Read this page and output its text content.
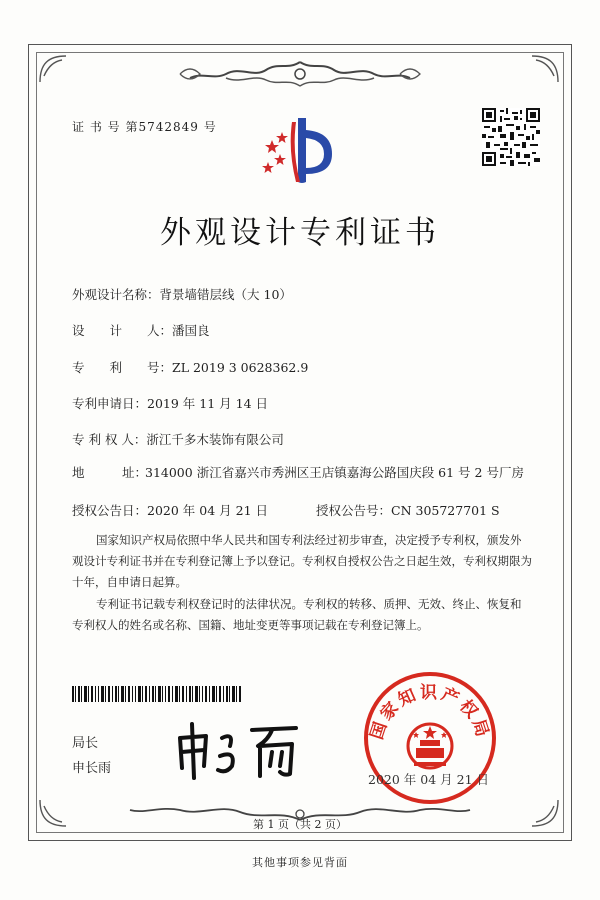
证 书 号 第5742849 号
外观设计专利证书
外观设计名称：背景墙错层线（大 10）
设　　计　　人：潘国良
专　　利　　号：ZL 2019 3 0628362.9
专利申请日：2019 年 11 月 14 日
专 利 权 人：浙江千多木装饰有限公司
地　　　址：
314000 浙江省嘉兴市秀洲区王店镇嘉海公路国庆段 61 号 2 号厂房
授权公告日：2020 年 04 月 21 日	授权公告号：CN 305727701 S
国家知识产权局依照中华人民共和国专利法经过初步审查，决定授予专利权，颁发外观设计专利证书并在专利登记簿上予以登记。专利权自授权公告之日起生效，专利权期限为十年，自申请日起算。
专利证书记载专利权登记时的法律状况。专利权的转移、质押、无效、终止、恢复和专利权人的姓名或名称、国籍、地址变更等事项记载在专利登记簿上。
局长
申长雨
国家知识产权局
2020 年 04 月 21 日
第 1 页（共 2 页）
其他事项参见背面
